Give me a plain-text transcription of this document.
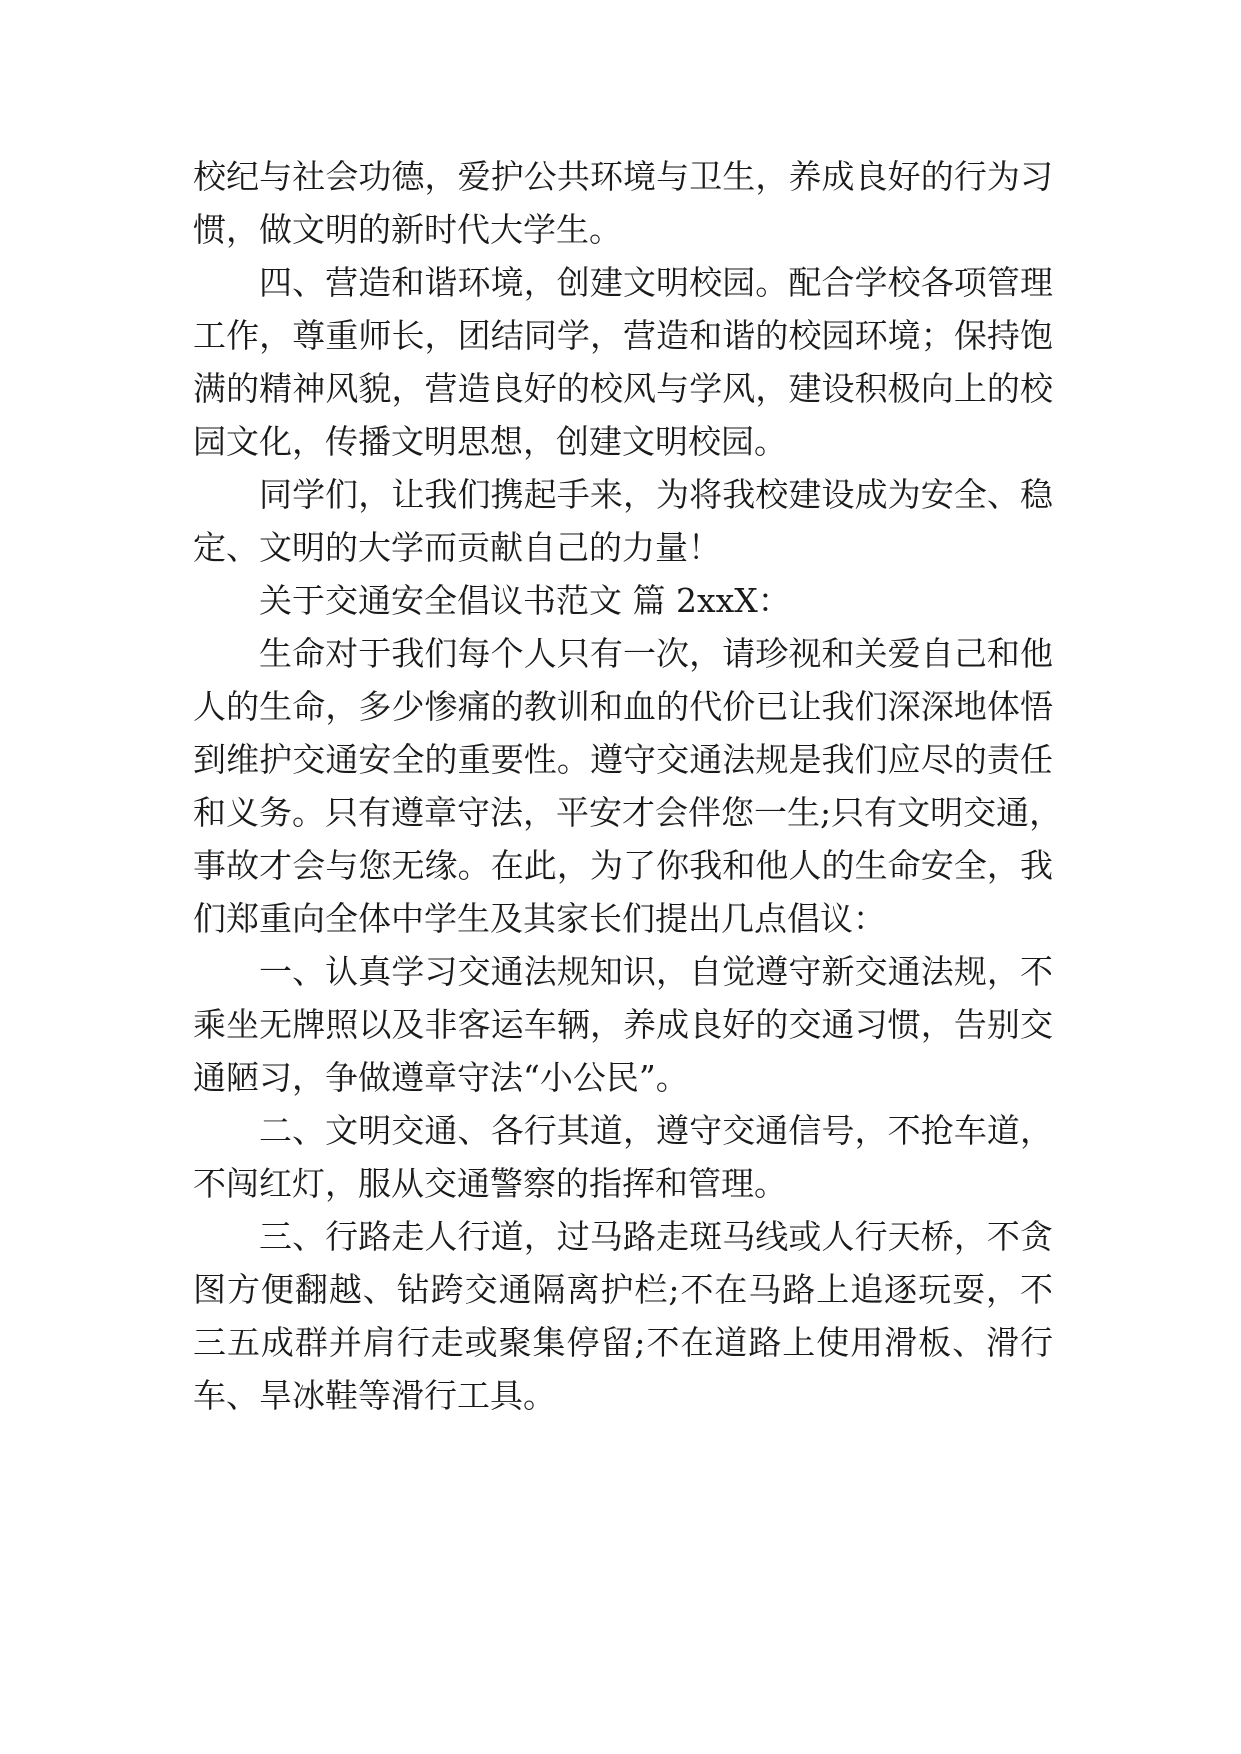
校纪与社会功德，爱护公共环境与卫生，养成良好的行为习
惯，做文明的新时代大学生。
四、营造和谐环境，创建文明校园。配合学校各项管理
工作，尊重师长，团结同学，营造和谐的校园环境；保持饱
满的精神风貌，营造良好的校风与学风，建设积极向上的校
园文化，传播文明思想，创建文明校园。
同学们，让我们携起手来，为将我校建设成为安全、稳
定、文明的大学而贡献自己的力量！
关于交通安全倡议书范文 篇 2xxX：
生命对于我们每个人只有一次，请珍视和关爱自己和他
人的生命，多少惨痛的教训和血的代价已让我们深深地体悟
到维护交通安全的重要性。遵守交通法规是我们应尽的责任
和义务。只有遵章守法，平安才会伴您一生;只有文明交通，
事故才会与您无缘。在此，为了你我和他人的生命安全，我
们郑重向全体中学生及其家长们提出几点倡议：
一、认真学习交通法规知识，自觉遵守新交通法规，不
乘坐无牌照以及非客运车辆，养成良好的交通习惯，告别交
通陋习，争做遵章守法“小公民”。
二、文明交通、各行其道，遵守交通信号，不抢车道，
不闯红灯，服从交通警察的指挥和管理。
三、行路走人行道，过马路走斑马线或人行天桥，不贪
图方便翻越、钻跨交通隔离护栏;不在马路上追逐玩耍，不
三五成群并肩行走或聚集停留;不在道路上使用滑板、滑行
车、旱冰鞋等滑行工具。
